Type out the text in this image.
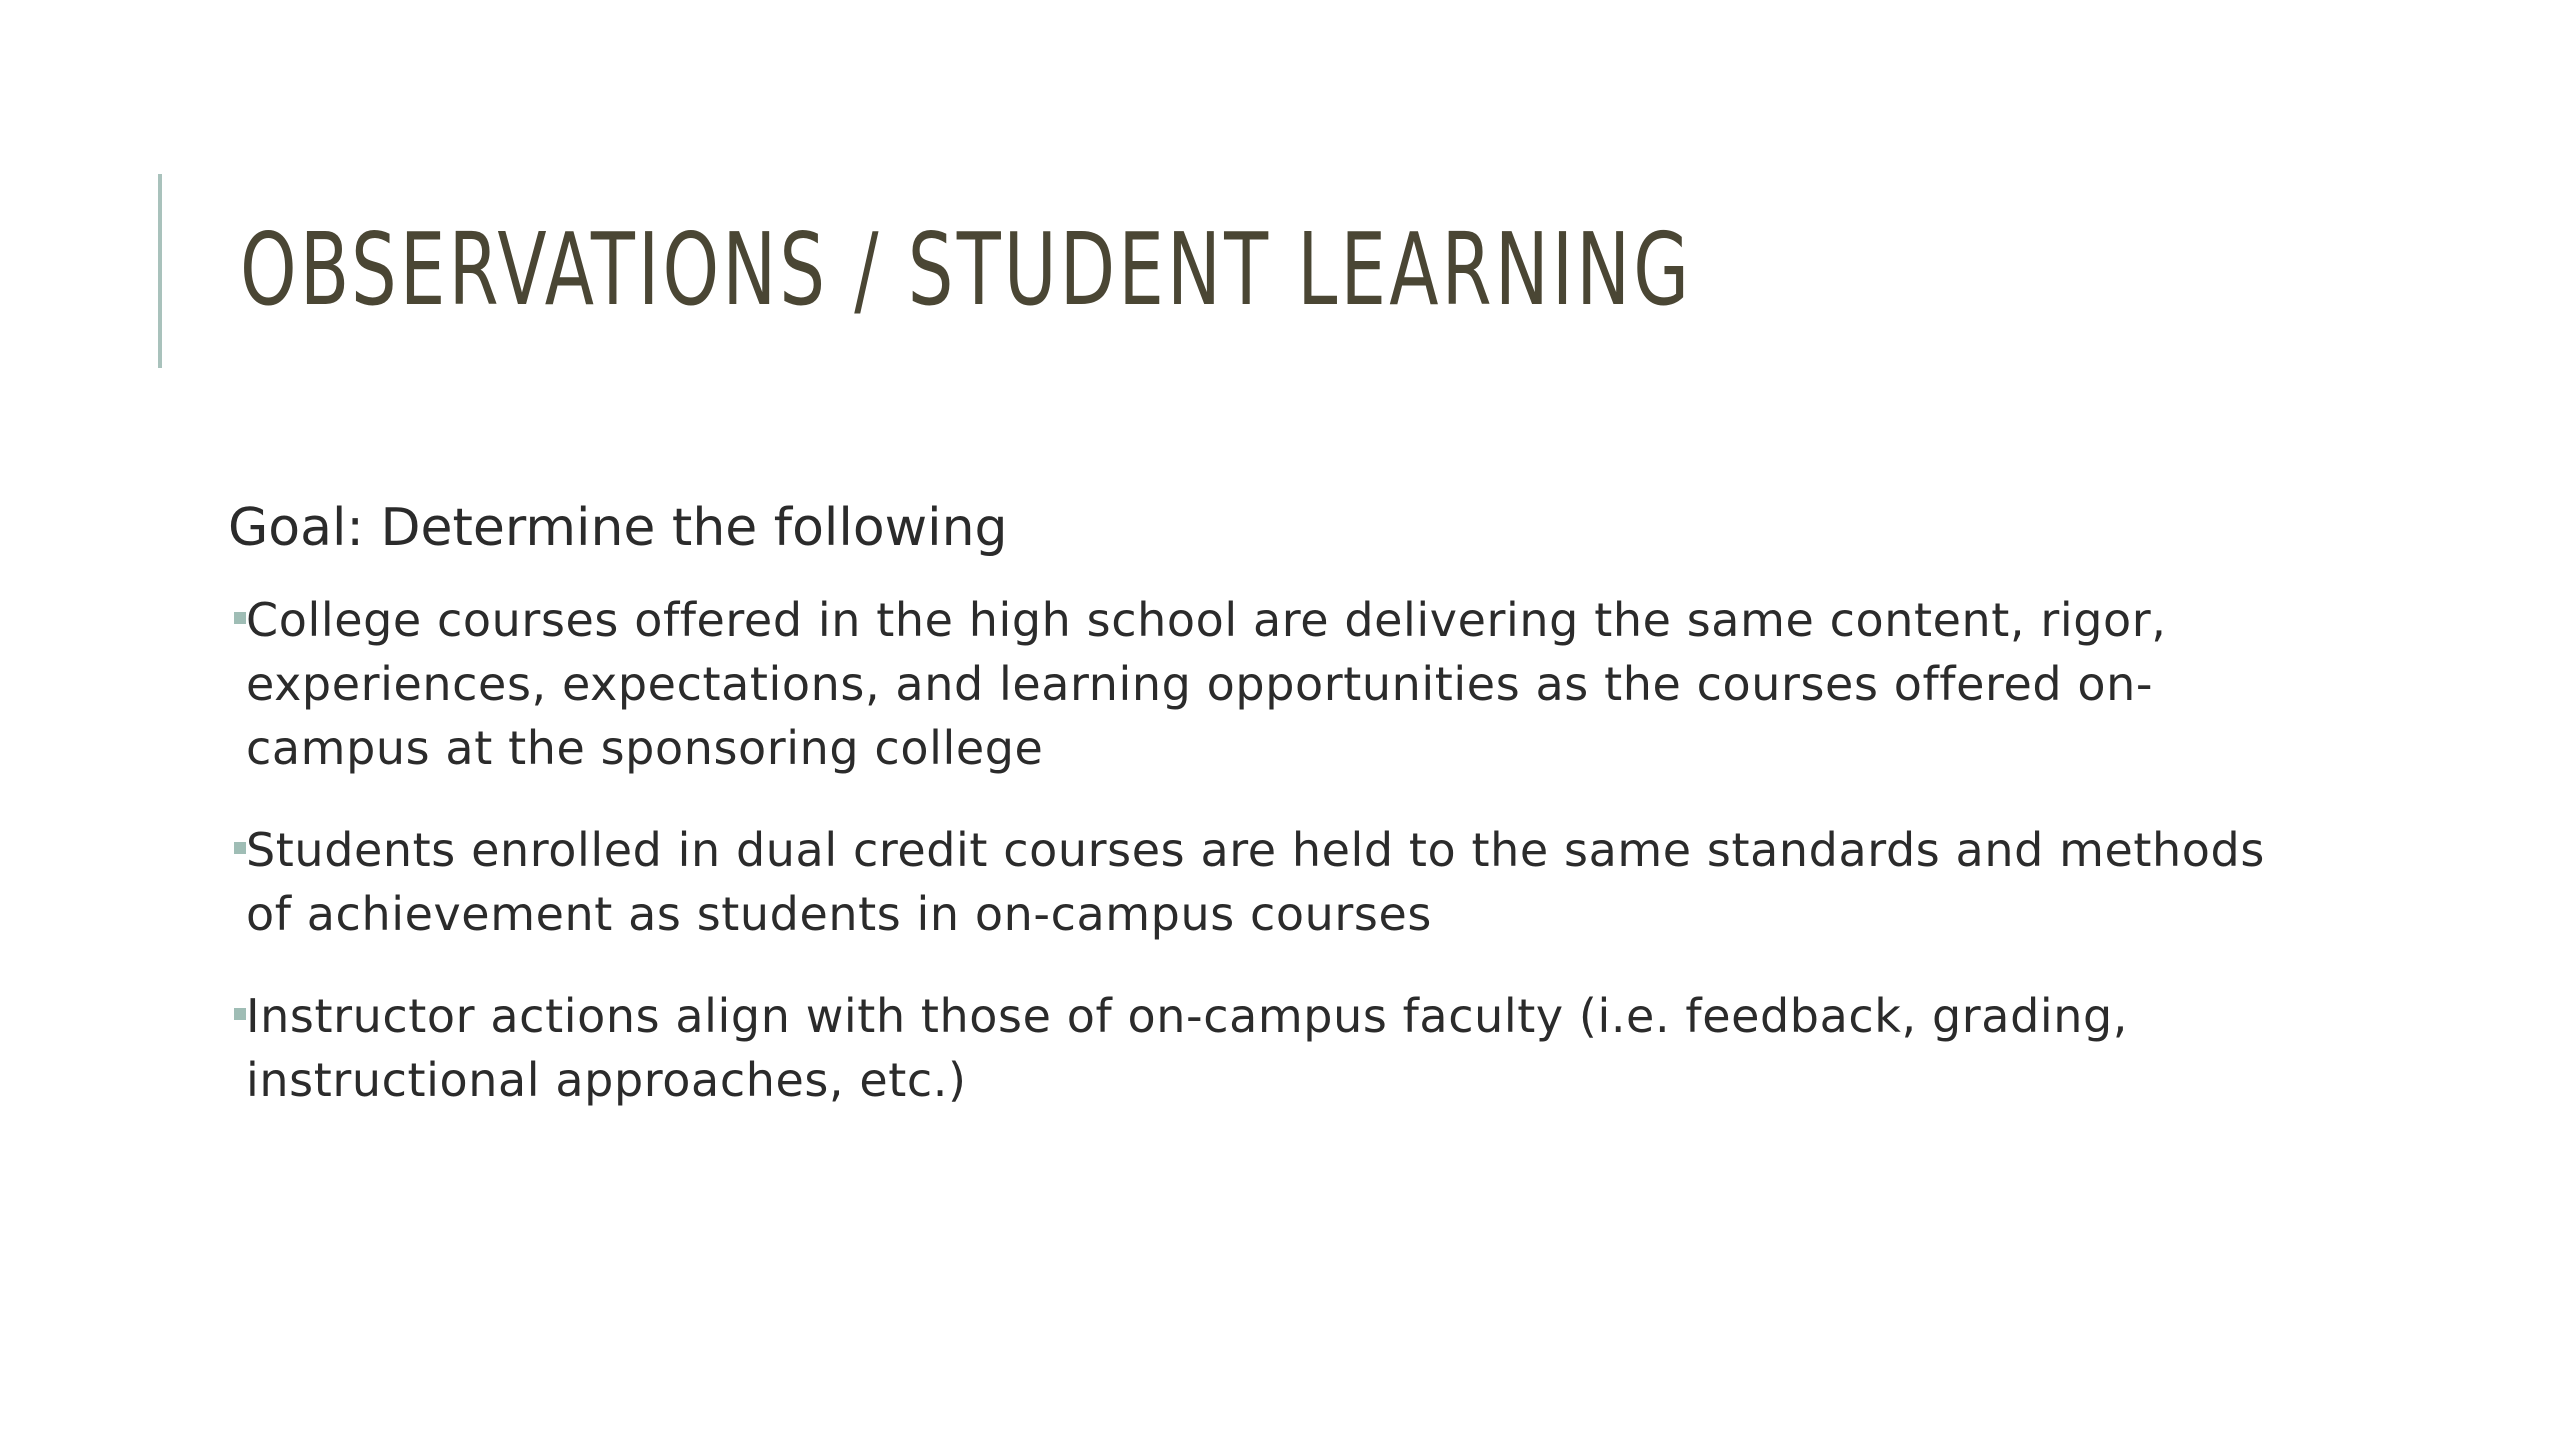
OBSERVATIONS / STUDENT LEARNING

Goal: Determine the following

College courses offered in the high school are delivering the same content, rigor, experiences, expectations, and learning opportunities as the courses offered on-campus at the sponsoring college
Students enrolled in dual credit courses are held to the same standards and methods of achievement as students in on-campus courses
Instructor actions align with those of on-campus faculty (i.e. feedback, grading, instructional approaches, etc.)
